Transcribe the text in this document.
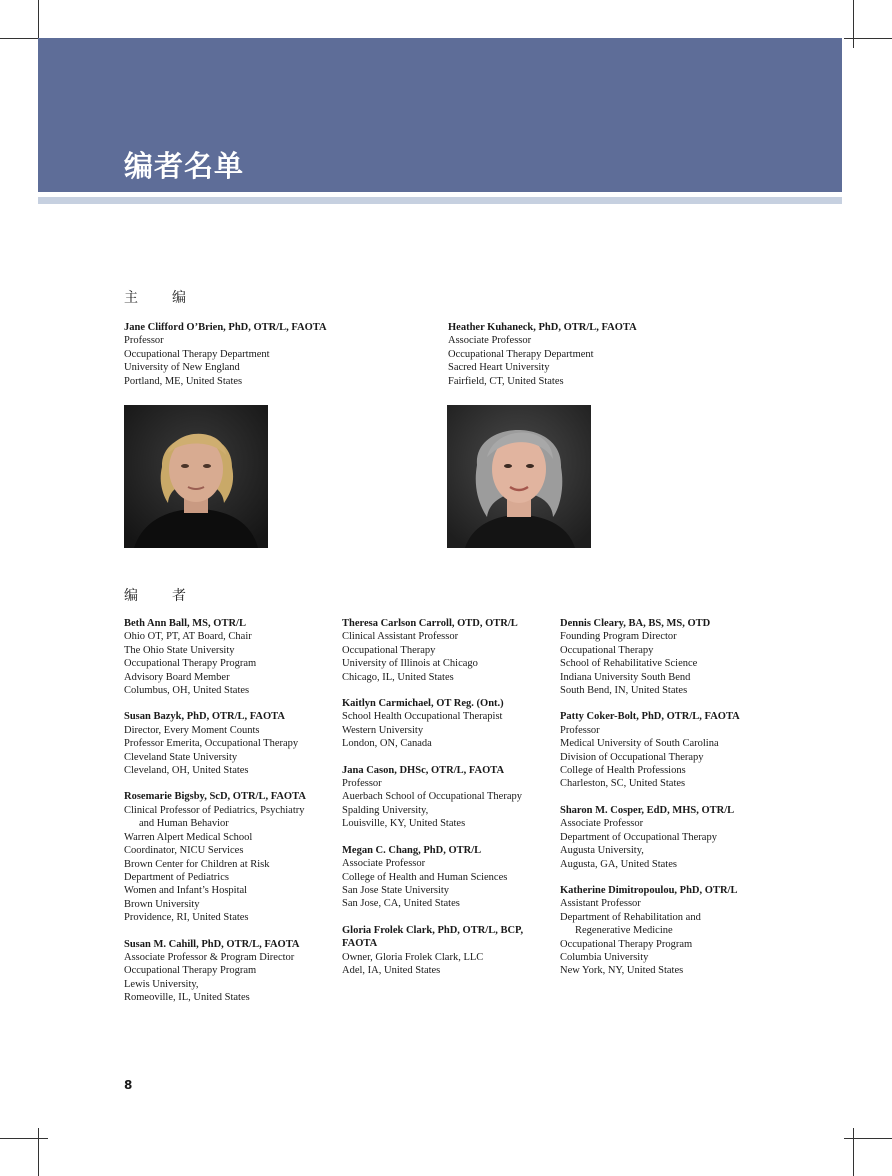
编者名单
主　编
Jane Clifford O’Brien, PhD, OTR/L, FAOTA
Professor
Occupational Therapy Department
University of New England
Portland, ME, United States
Heather Kuhaneck, PhD, OTR/L, FAOTA
Associate Professor
Occupational Therapy Department
Sacred Heart University
Fairfield, CT, United States
编　者
Beth Ann Ball, MS, OTR/L
Ohio OT, PT, AT Board, Chair
The Ohio State University
Occupational Therapy Program
Advisory Board Member
Columbus, OH, United States
Susan Bazyk, PhD, OTR/L, FAOTA
Director, Every Moment Counts
Professor Emerita, Occupational Therapy
Cleveland State University
Cleveland, OH, United States
Rosemarie Bigsby, ScD, OTR/L, FAOTA
Clinical Professor of Pediatrics, Psychiatry
and Human Behavior
Warren Alpert Medical School
Coordinator, NICU Services
Brown Center for Children at Risk
Department of Pediatrics
Women and Infant’s Hospital
Brown University
Providence, RI, United States
Susan M. Cahill, PhD, OTR/L, FAOTA
Associate Professor & Program Director
Occupational Therapy Program
Lewis University,
Romeoville, IL, United States
Theresa Carlson Carroll, OTD, OTR/L
Clinical Assistant Professor
Occupational Therapy
University of Illinois at Chicago
Chicago, IL, United States
Kaitlyn Carmichael, OT Reg. (Ont.)
School Health Occupational Therapist
Western University
London, ON, Canada
Jana Cason, DHSc, OTR/L, FAOTA
Professor
Auerbach School of Occupational Therapy
Spalding University,
Louisville, KY, United States
Megan C. Chang, PhD, OTR/L
Associate Professor
College of Health and Human Sciences
San Jose State University
San Jose, CA, United States
Gloria Frolek Clark, PhD, OTR/L, BCP, FAOTA
Owner, Gloria Frolek Clark, LLC
Adel, IA, United States
Dennis Cleary, BA, BS, MS, OTD
Founding Program Director
Occupational Therapy
School of Rehabilitative Science
Indiana University South Bend
South Bend, IN, United States
Patty Coker-Bolt, PhD, OTR/L, FAOTA
Professor
Medical University of South Carolina
Division of Occupational Therapy
College of Health Professions
Charleston, SC, United States
Sharon M. Cosper, EdD, MHS, OTR/L
Associate Professor
Department of Occupational Therapy
Augusta University,
Augusta, GA, United States
Katherine Dimitropoulou, PhD, OTR/L
Assistant Professor
Department of Rehabilitation and
Regenerative Medicine
Occupational Therapy Program
Columbia University
New York, NY, United States
8
